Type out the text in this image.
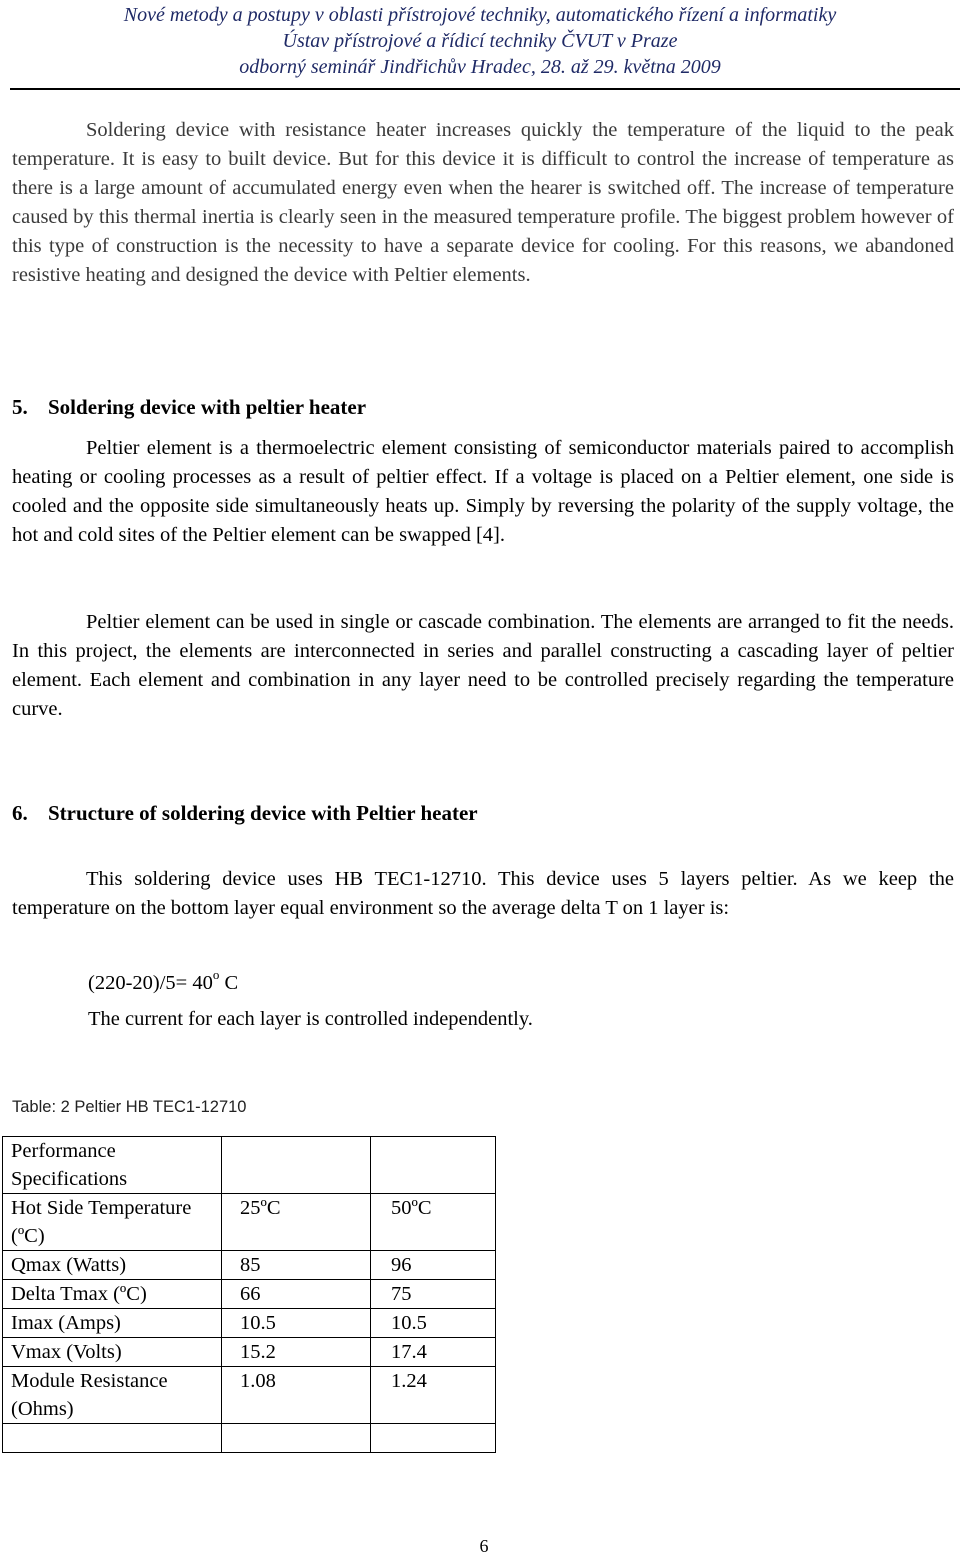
Nové metody a postupy v oblasti přístrojové techniky, automatického řízení a informatiky
Ústav přístrojové a řídicí techniky ČVUT v Praze
odborný seminář Jindřichův Hradec, 28. až 29. května 2009

Soldering device with resistance heater increases quickly the temperature of the liquid to the peak temperature. It is easy to built device. But for this device it is difficult to control the increase of temperature as there is a large amount of accumulated energy even when the hearer is switched off. The increase of temperature caused by this thermal inertia is clearly seen in the measured temperature profile. The biggest problem however of this type of construction is the necessity to have a separate device for cooling. For this reasons, we abandoned resistive heating and designed the device with Peltier elements.

5. Soldering device with peltier heater

Peltier element is a thermoelectric element consisting of semiconductor materials paired to accomplish heating or cooling processes as a result of peltier effect. If a voltage is placed on a Peltier element, one side is cooled and the opposite side simultaneously heats up. Simply by reversing the polarity of the supply voltage, the hot and cold sites of the Peltier element can be swapped [4].

Peltier element can be used in single or cascade combination. The elements are arranged to fit the needs. In this project, the elements are interconnected in series and parallel constructing a cascading layer of peltier element. Each element and combination in any layer need to be controlled precisely regarding the temperature curve.

6. Structure of soldering device with Peltier heater

This soldering device uses HB TEC1-12710. This device uses 5 layers peltier. As we keep the temperature on the bottom layer equal environment so the average delta T on 1 layer is:

$(220-20)/5= 40^o$ C
The current for each layer is controlled independently.
Table: 2 Peltier HB TEC1-12710
Performance Specifications		
Hot Side Temperature (ºC)	25ºC	50ºC
Qmax (Watts)	85	96
Delta Tmax (ºC)	66	75
Imax (Amps)	10.5	10.5
Vmax (Volts)	15.2	17.4
Module Resistance (Ohms)	1.08	1.24

6
